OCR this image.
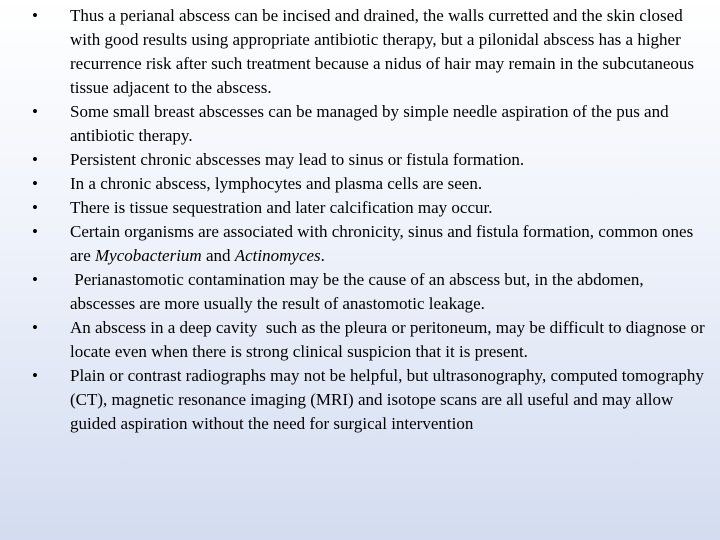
• Thus a perianal abscess can be incised and drained, the walls curretted and the skin closed with good results using appropriate antibiotic therapy, but a pilonidal abscess has a higher recurrence risk after such treatment because a nidus of hair may remain in the subcutaneous tissue adjacent to the abscess.
• Some small breast abscesses can be managed by simple needle aspiration of the pus and antibiotic therapy.
• Persistent chronic abscesses may lead to sinus or fistula formation.
• In a chronic abscess, lymphocytes and plasma cells are seen.
• There is tissue sequestration and later calcification may occur.
• Certain organisms are associated with chronicity, sinus and fistula formation, common ones are Mycobacterium and Actinomyces.
• Perianastomotic contamination may be the cause of an abscess but, in the abdomen, abscesses are more usually the result of anastomotic leakage.
• An abscess in a deep cavity  such as the pleura or peritoneum, may be difficult to diagnose or locate even when there is strong clinical suspicion that it is present.
• Plain or contrast radiographs may not be helpful, but ultrasonography, computed tomography (CT), magnetic resonance imaging (MRI) and isotope scans are all useful and may allow guided aspiration without the need for surgical intervention
